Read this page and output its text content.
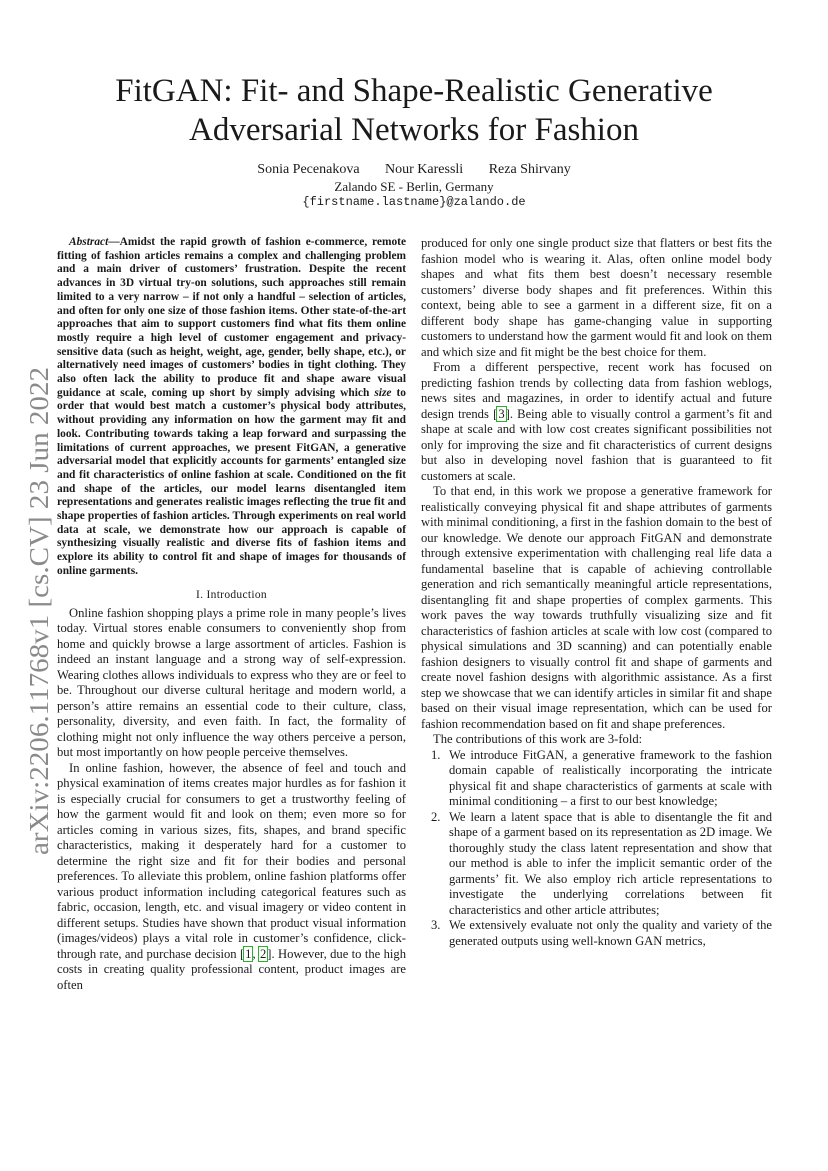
arXiv:2206.11768v1 [cs.CV] 23 Jun 2022
FitGAN: Fit- and Shape-Realistic Generative Adversarial Networks for Fashion
Sonia Pecenakova Nour Karessli Reza Shirvany
Zalando SE - Berlin, Germany
{firstname.lastname}@zalando.de

Abstract—Amidst the rapid growth of fashion e-commerce, remote fitting of fashion articles remains a complex and challenging problem and a main driver of customers’ frustration. Despite the recent advances in 3D virtual try-on solutions, such approaches still remain limited to a very narrow – if not only a handful – selection of articles, and often for only one size of those fashion items. Other state-of-the-art approaches that aim to support customers find what fits them online mostly require a high level of customer engagement and privacy-sensitive data (such as height, weight, age, gender, belly shape, etc.), or alternatively need images of customers’ bodies in tight clothing. They also often lack the ability to produce fit and shape aware visual guidance at scale, coming up short by simply advising which size to order that would best match a customer’s physical body attributes, without providing any information on how the garment may fit and look. Contributing towards taking a leap forward and surpassing the limitations of current approaches, we present FitGAN, a generative adversarial model that explicitly accounts for garments’ entangled size and fit characteristics of online fashion at scale. Conditioned on the fit and shape of the articles, our model learns disentangled item representations and generates realistic images reflecting the true fit and shape properties of fashion articles. Through experiments on real world data at scale, we demonstrate how our approach is capable of synthesizing visually realistic and diverse fits of fashion items and explore its ability to control fit and shape of images for thousands of online garments.

I. Introduction

Online fashion shopping plays a prime role in many people’s lives today. Virtual stores enable consumers to conveniently shop from home and quickly browse a large assortment of articles. Fashion is indeed an instant language and a strong way of self-expression. Wearing clothes allows individuals to express who they are or feel to be. Throughout our diverse cultural heritage and modern world, a person’s attire remains an essential code to their culture, class, personality, diversity, and even faith. In fact, the formality of clothing might not only influence the way others perceive a person, but most importantly on how people perceive themselves.

In online fashion, however, the absence of feel and touch and physical examination of items creates major hurdles as for fashion it is especially crucial for consumers to get a trustworthy feeling of how the garment would fit and look on them; even more so for articles coming in various sizes, fits, shapes, and brand specific characteristics, making it desperately hard for a customer to determine the right size and fit for their bodies and personal preferences. To alleviate this problem, online fashion platforms offer various product information including categorical features such as fabric, occasion, length, etc. and visual imagery or video content in different setups. Studies have shown that product visual information (images/videos) plays a vital role in customer’s confidence, click-through rate, and purchase decision [1, 2]. However, due to the high costs in creating quality professional content, product images are often

produced for only one single product size that flatters or best fits the fashion model who is wearing it. Alas, often online model body shapes and what fits them best doesn’t necessary resemble customers’ diverse body shapes and fit preferences. Within this context, being able to see a garment in a different size, fit on a different body shape has game-changing value in supporting customers to understand how the garment would fit and look on them and which size and fit might be the best choice for them.

From a different perspective, recent work has focused on predicting fashion trends by collecting data from fashion weblogs, news sites and magazines, in order to identify actual and future design trends [3]. Being able to visually control a garment’s fit and shape at scale and with low cost creates significant possibilities not only for improving the size and fit characteristics of current designs but also in developing novel fashion that is guaranteed to fit customers at scale.

To that end, in this work we propose a generative framework for realistically conveying physical fit and shape attributes of garments with minimal conditioning, a first in the fashion domain to the best of our knowledge. We denote our approach FitGAN and demonstrate through extensive experimentation with challenging real life data a fundamental baseline that is capable of achieving controllable generation and rich semantically meaningful article representations, disentangling fit and shape properties of complex garments. This work paves the way towards truthfully visualizing size and fit characteristics of fashion articles at scale with low cost (compared to physical simulations and 3D scanning) and can potentially enable fashion designers to visually control fit and shape of garments and create novel fashion designs with algorithmic assistance. As a first step we showcase that we can identify articles in similar fit and shape based on their visual image representation, which can be used for fashion recommendation based on fit and shape preferences.

The contributions of this work are 3-fold:

1. We introduce FitGAN, a generative framework to the fashion domain capable of realistically incorporating the intricate physical fit and shape characteristics of garments at scale with minimal conditioning – a first to our best knowledge;
2. We learn a latent space that is able to disentangle the fit and shape of a garment based on its representation as 2D image. We thoroughly study the class latent representation and show that our method is able to infer the implicit semantic order of the garments’ fit. We also employ rich article representations to investigate the underlying correlations between fit characteristics and other article attributes;
3. We extensively evaluate not only the quality and variety of the generated outputs using well-known GAN metrics,
